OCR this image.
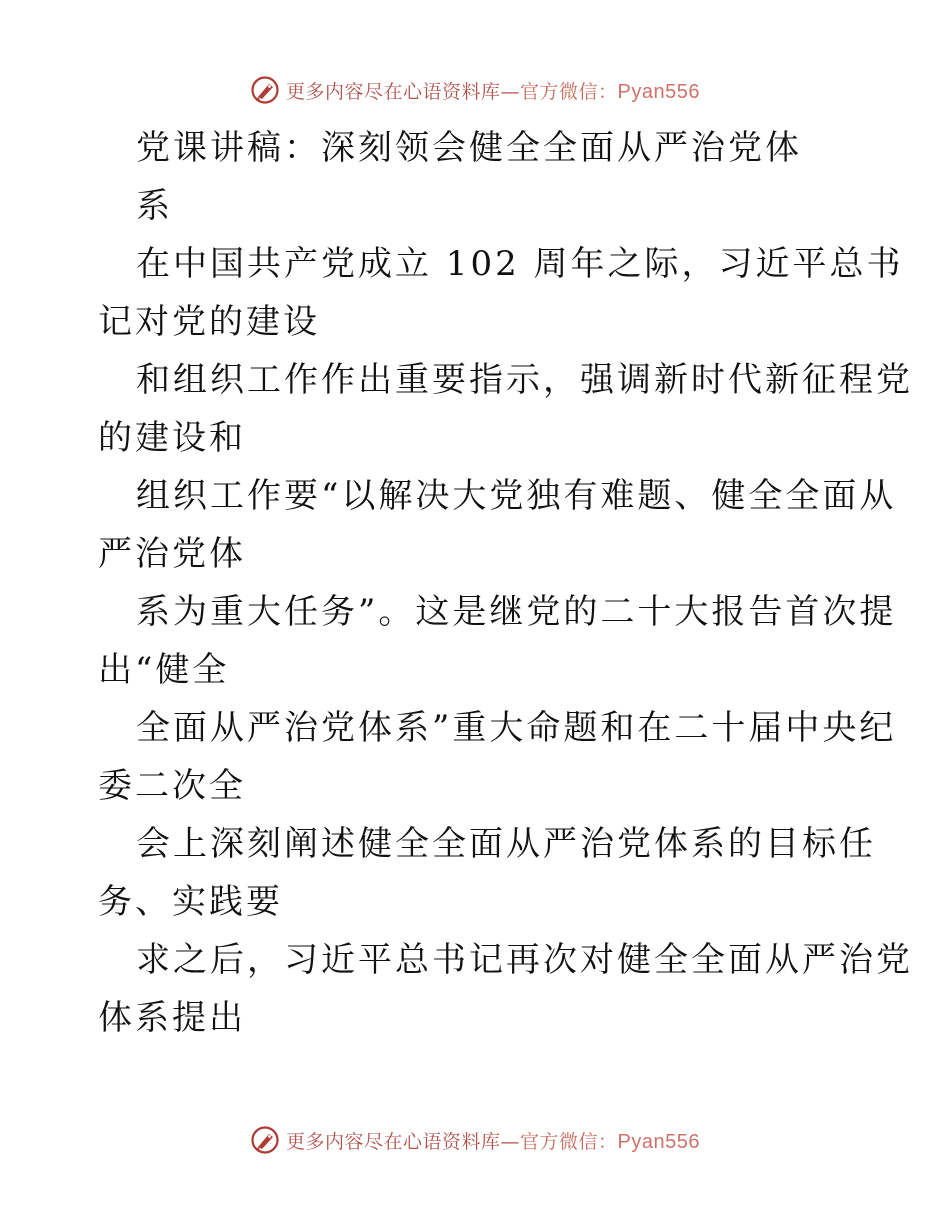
更多内容尽在心语资料库—官方微信：Pyan556
党课讲稿：深刻领会健全全面从严治党体
系
在中国共产党成立 102 周年之际，习近平总书
记对党的建设
和组织工作作出重要指示，强调新时代新征程党
的建设和
组织工作要“以解决大党独有难题、健全全面从
严治党体
系为重大任务”。这是继党的二十大报告首次提
出“健全
全面从严治党体系”重大命题和在二十届中央纪
委二次全
会上深刻阐述健全全面从严治党体系的目标任
务、实践要
求之后，习近平总书记再次对健全全面从严治党
体系提出
更多内容尽在心语资料库—官方微信：Pyan556
